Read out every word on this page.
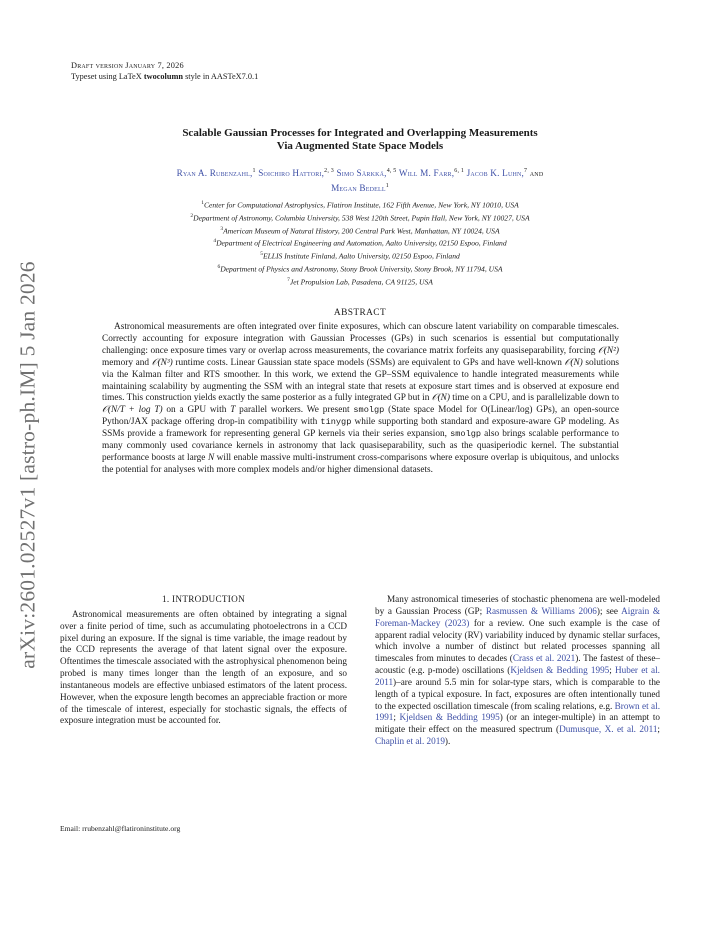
Draft version January 7, 2026
Typeset using LaTeX twocolumn style in AASTeX7.0.1
arXiv:2601.02527v1 [astro-ph.IM] 5 Jan 2026
Scalable Gaussian Processes for Integrated and Overlapping Measurements
Via Augmented State Space Models
Ryan A. Rubenzahl,$^1$ Soichiro Hattori,$^{2, 3}$ Simo Särkkä,$^{4, 5}$ Will M. Farr,$^{6, 1}$ Jacob K. Luhn,$^7$ and
Megan Bedell$^1$
$^1$Center for Computational Astrophysics, Flatiron Institute, 162 Fifth Avenue, New York, NY 10010, USA
$^2$Department of Astronomy, Columbia University, 538 West 120th Street, Pupin Hall, New York, NY 10027, USA
$^3$American Museum of Natural History, 200 Central Park West, Manhattan, NY 10024, USA
$^4$Department of Electrical Engineering and Automation, Aalto University, 02150 Espoo, Finland
$^5$ELLIS Institute Finland, Aalto University, 02150 Espoo, Finland
$^6$Department of Physics and Astronomy, Stony Brook University, Stony Brook, NY 11794, USA
$^7$Jet Propulsion Lab, Pasadena, CA 91125, USA
ABSTRACT
Astronomical measurements are often integrated over finite exposures, which can obscure latent variability on comparable timescales. Correctly accounting for exposure integration with Gaussian Processes (GPs) in such scenarios is essential but computationally challenging: once exposure times vary or overlap across measurements, the covariance matrix forfeits any quasiseparability, forcing 𝒪(N²) memory and 𝒪(N³) runtime costs. Linear Gaussian state space models (SSMs) are equivalent to GPs and have well-known 𝒪(N) solutions via the Kalman filter and RTS smoother. In this work, we extend the GP–SSM equivalence to handle integrated measurements while maintaining scalability by augmenting the SSM with an integral state that resets at exposure start times and is observed at exposure end times. This construction yields exactly the same posterior as a fully integrated GP but in 𝒪(N) time on a CPU, and is parallelizable down to 𝒪(N/T + log T) on a GPU with T parallel workers. We present smolgp (State space Model for O(Linear/log) GPs), an open-source Python/JAX package offering drop-in compatibility with tinygp while supporting both standard and exposure-aware GP modeling. As SSMs provide a framework for representing general GP kernels via their series expansion, smolgp also brings scalable performance to many commonly used covariance kernels in astronomy that lack quasiseparability, such as the quasiperiodic kernel. The substantial performance boosts at large N will enable massive multi-instrument cross-comparisons where exposure overlap is ubiquitous, and unlocks the potential for analyses with more complex models and/or higher dimensional datasets.
1. INTRODUCTION

Astronomical measurements are often obtained by integrating a signal over a finite period of time, such as accumulating photoelectrons in a CCD pixel during an exposure. If the signal is time variable, the image readout by the CCD represents the average of that latent signal over the exposure. Oftentimes the timescale associated with the astrophysical phenomenon being probed is many times longer than the length of an exposure, and so instantaneous models are effective unbiased estimators of the latent process. However, when the exposure length becomes an appreciable fraction or more of the timescale of interest, especially for stochastic signals, the effects of exposure integration must be accounted for.

Many astronomical timeseries of stochastic phenomena are well-modeled by a Gaussian Process (GP; Rasmussen & Williams 2006); see Aigrain & Foreman-Mackey (2023) for a review. One such example is the case of apparent radial velocity (RV) variability induced by dynamic stellar surfaces, which involve a number of distinct but related processes spanning all timescales from minutes to decades (Crass et al. 2021). The fastest of these–acoustic (e.g. p-mode) oscillations (Kjeldsen & Bedding 1995; Huber et al. 2011)–are around 5.5 min for solar-type stars, which is comparable to the length of a typical exposure. In fact, exposures are often intentionally tuned to the expected oscillation timescale (from scaling relations, e.g. Brown et al. 1991; Kjeldsen & Bedding 1995) (or an integer-multiple) in an attempt to mitigate their effect on the measured spectrum (Dumusque, X. et al. 2011; Chaplin et al. 2019).

Email: rrubenzahl@flatironinstitute.org
